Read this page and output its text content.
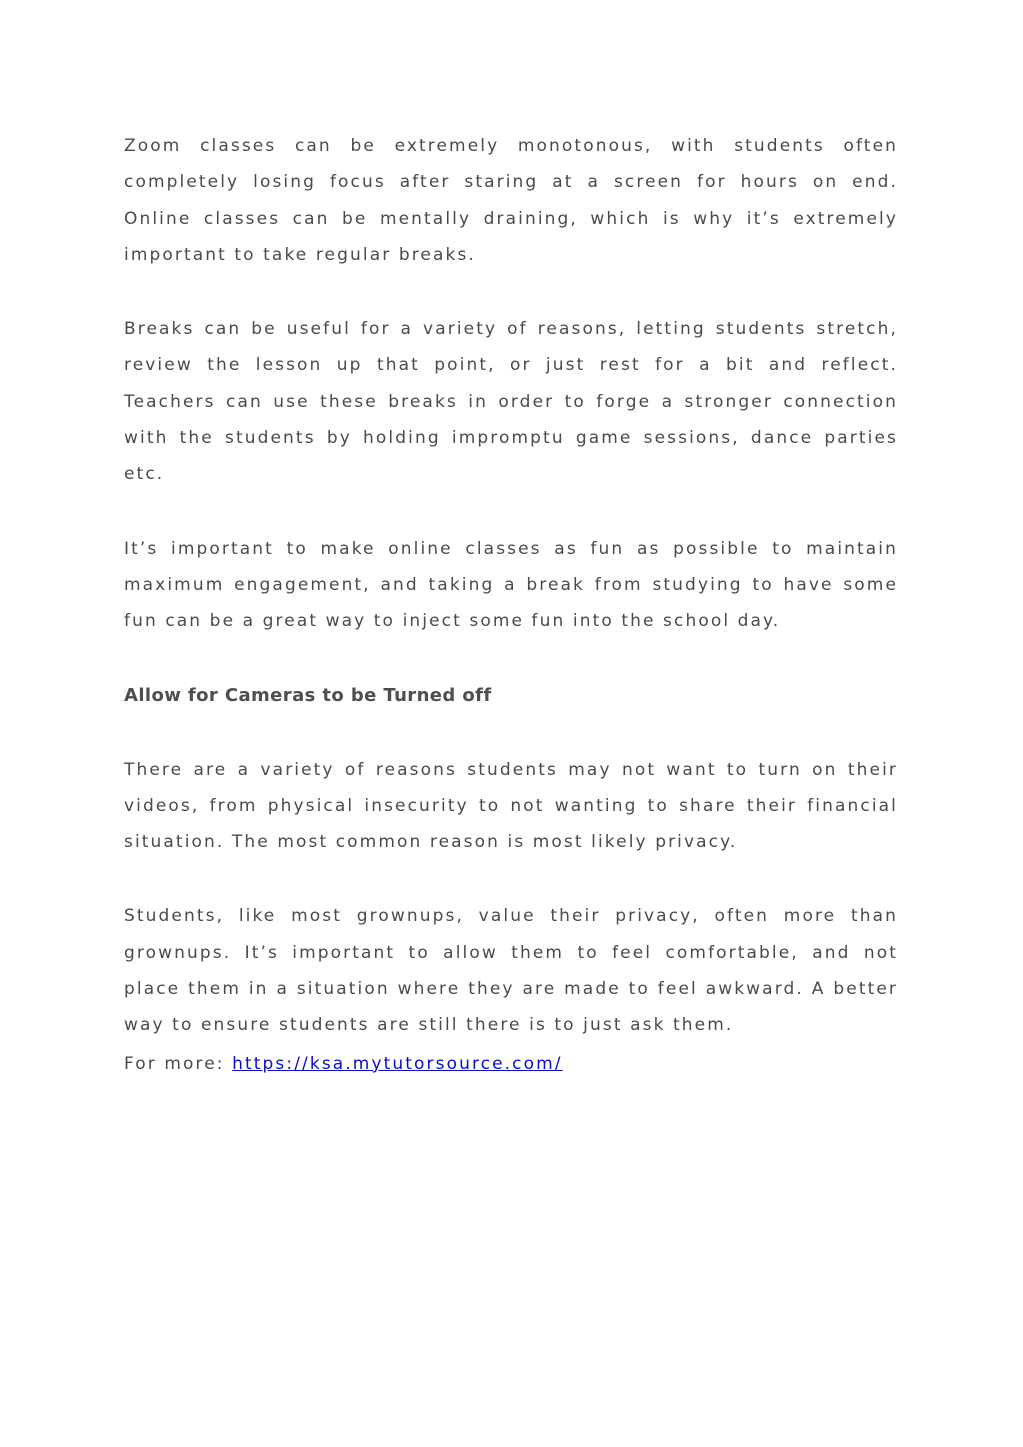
Zoom classes can be extremely monotonous, with students often completely losing focus after staring at a screen for hours on end. Online classes can be mentally draining, which is why it’s extremely important to take regular breaks.

Breaks can be useful for a variety of reasons, letting students stretch, review the lesson up that point, or just rest for a bit and reflect. Teachers can use these breaks in order to forge a stronger connection with the students by holding impromptu game sessions, dance parties etc.

It’s important to make online classes as fun as possible to maintain maximum engagement, and taking a break from studying to have some fun can be a great way to inject some fun into the school day.

Allow for Cameras to be Turned off

There are a variety of reasons students may not want to turn on their videos, from physical insecurity to not wanting to share their financial situation. The most common reason is most likely privacy.

Students, like most grownups, value their privacy, often more than grownups. It’s important to allow them to feel comfortable, and not place them in a situation where they are made to feel awkward. A better way to ensure students are still there is to just ask them.

For more: https://ksa.mytutorsource.com/
